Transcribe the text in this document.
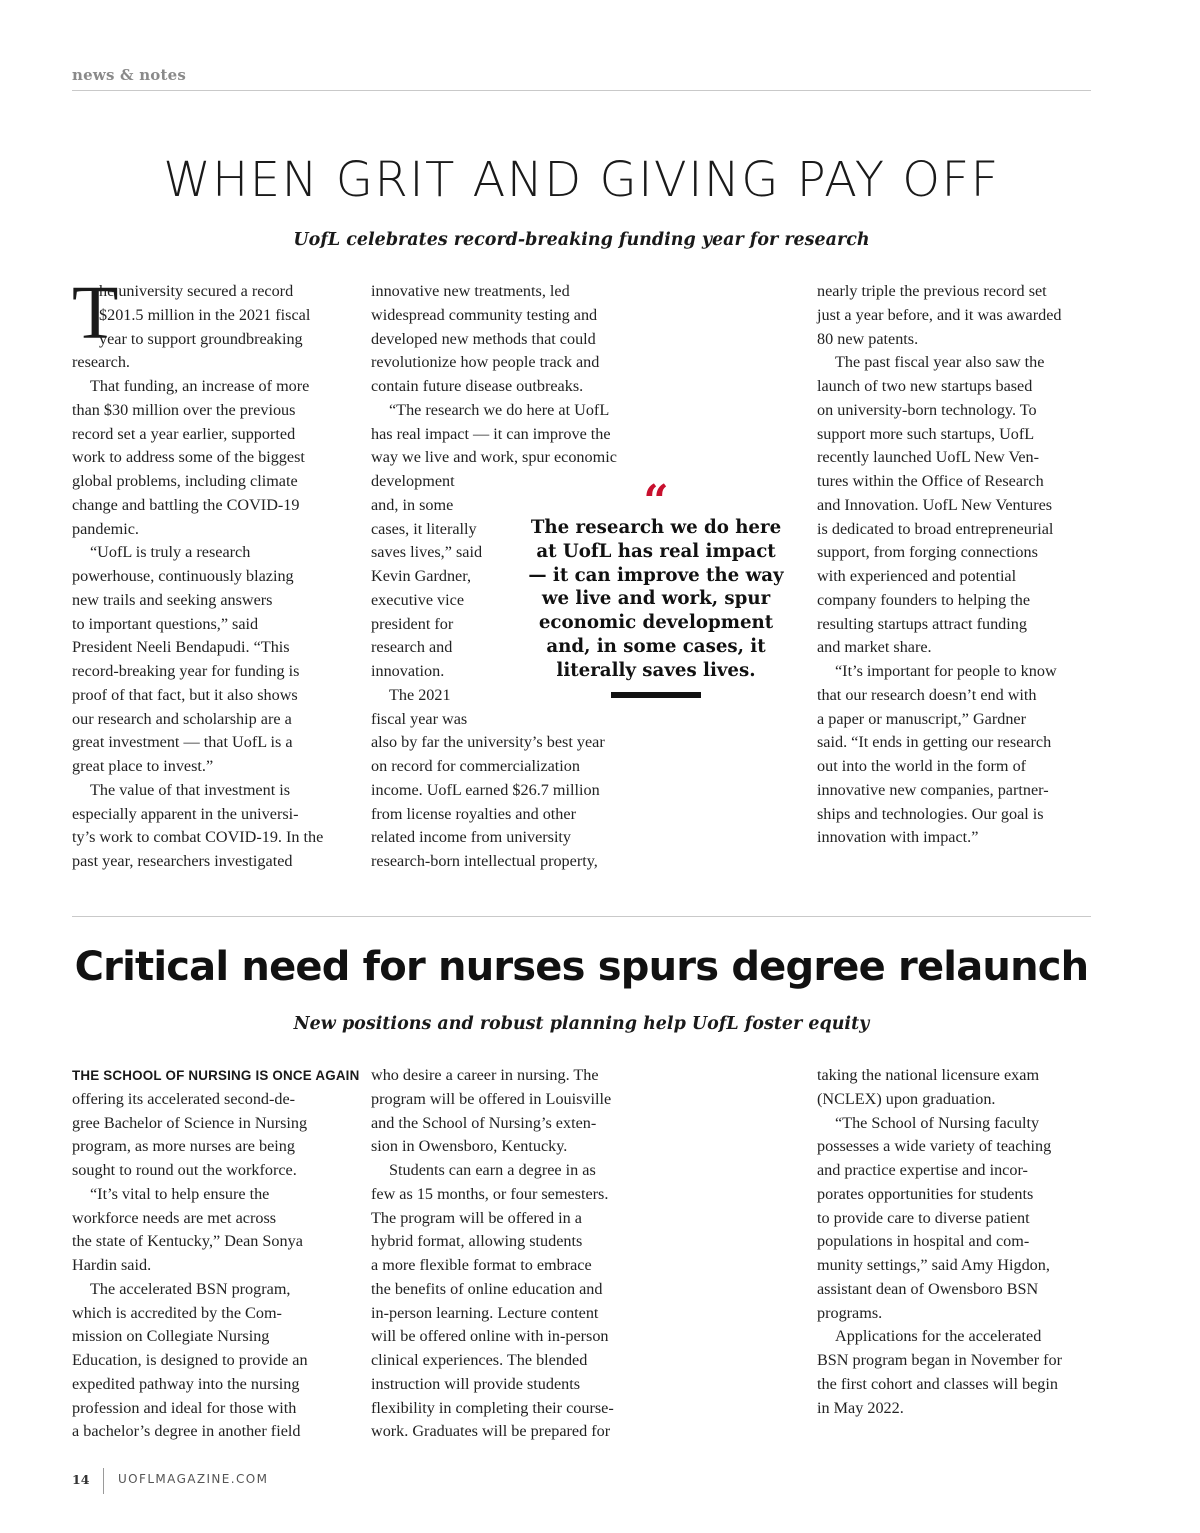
news & notes
WHEN GRIT AND GIVING PAY OFF
UofL celebrates record-breaking funding year for research
T
he university secured a record
$201.5 million in the 2021 fiscal
year to support groundbreaking
research.
That funding, an increase of more
than $30 million over the previous
record set a year earlier, supported
work to address some of the biggest
global problems, including climate
change and battling the COVID-19
pandemic.
“UofL is truly a research
powerhouse, continuously blazing
new trails and seeking answers
to important questions,” said
President Neeli Bendapudi. “This
record-breaking year for funding is
proof of that fact, but it also shows
our research and scholarship are a
great investment — that UofL is a
great place to invest.”
The value of that investment is
especially apparent in the universi-
ty’s work to combat COVID-19. In the
past year, researchers investigated
innovative new treatments, led
widespread community testing and
developed new methods that could
revolutionize how people track and
contain future disease outbreaks.
“The research we do here at UofL
has real impact — it can improve the
way we live and work, spur economic
development
and, in some
cases, it literally
saves lives,” said
Kevin Gardner,
executive vice
president for
research and
innovation.
The 2021
fiscal year was
also by far the university’s best year
on record for commercialization
income. UofL earned $26.7 million
from license royalties and other
related income from university
research-born intellectual property,
“
The research we do here
at UofL has real impact
— it can improve the way
we live and work, spur
economic development
and, in some cases, it
literally saves lives.
nearly triple the previous record set
just a year before, and it was awarded
80 new patents.
The past fiscal year also saw the
launch of two new startups based
on university-born technology. To
support more such startups, UofL
recently launched UofL New Ven-
tures within the Office of Research
and Innovation. UofL New Ventures
is dedicated to broad entrepreneurial
support, from forging connections
with experienced and potential
company founders to helping the
resulting startups attract funding
and market share.
“It’s important for people to know
that our research doesn’t end with
a paper or manuscript,” Gardner
said. “It ends in getting our research
out into the world in the form of
innovative new companies, partner-
ships and technologies. Our goal is
innovation with impact.”
Critical need for nurses spurs degree relaunch
New positions and robust planning help UofL foster equity
THE SCHOOL OF NURSING IS ONCE AGAIN
offering its accelerated second-de-
gree Bachelor of Science in Nursing
program, as more nurses are being
sought to round out the workforce.
“It’s vital to help ensure the
workforce needs are met across
the state of Kentucky,” Dean Sonya
Hardin said.
The accelerated BSN program,
which is accredited by the Com-
mission on Collegiate Nursing
Education, is designed to provide an
expedited pathway into the nursing
profession and ideal for those with
a bachelor’s degree in another field
who desire a career in nursing. The
program will be offered in Louisville
and the School of Nursing’s exten-
sion in Owensboro, Kentucky.
Students can earn a degree in as
few as 15 months, or four semesters.
The program will be offered in a
hybrid format, allowing students
a more flexible format to embrace
the benefits of online education and
in-person learning. Lecture content
will be offered online with in-person
clinical experiences. The blended
instruction will provide students
flexibility in completing their course-
work. Graduates will be prepared for
taking the national licensure exam
(NCLEX) upon graduation.
“The School of Nursing faculty
possesses a wide variety of teaching
and practice expertise and incor-
porates opportunities for students
to provide care to diverse patient
populations in hospital and com-
munity settings,” said Amy Higdon,
assistant dean of Owensboro BSN
programs.
Applications for the accelerated
BSN program began in November for
the first cohort and classes will begin
in May 2022.
14 UOFLMAGAZINE.COM
